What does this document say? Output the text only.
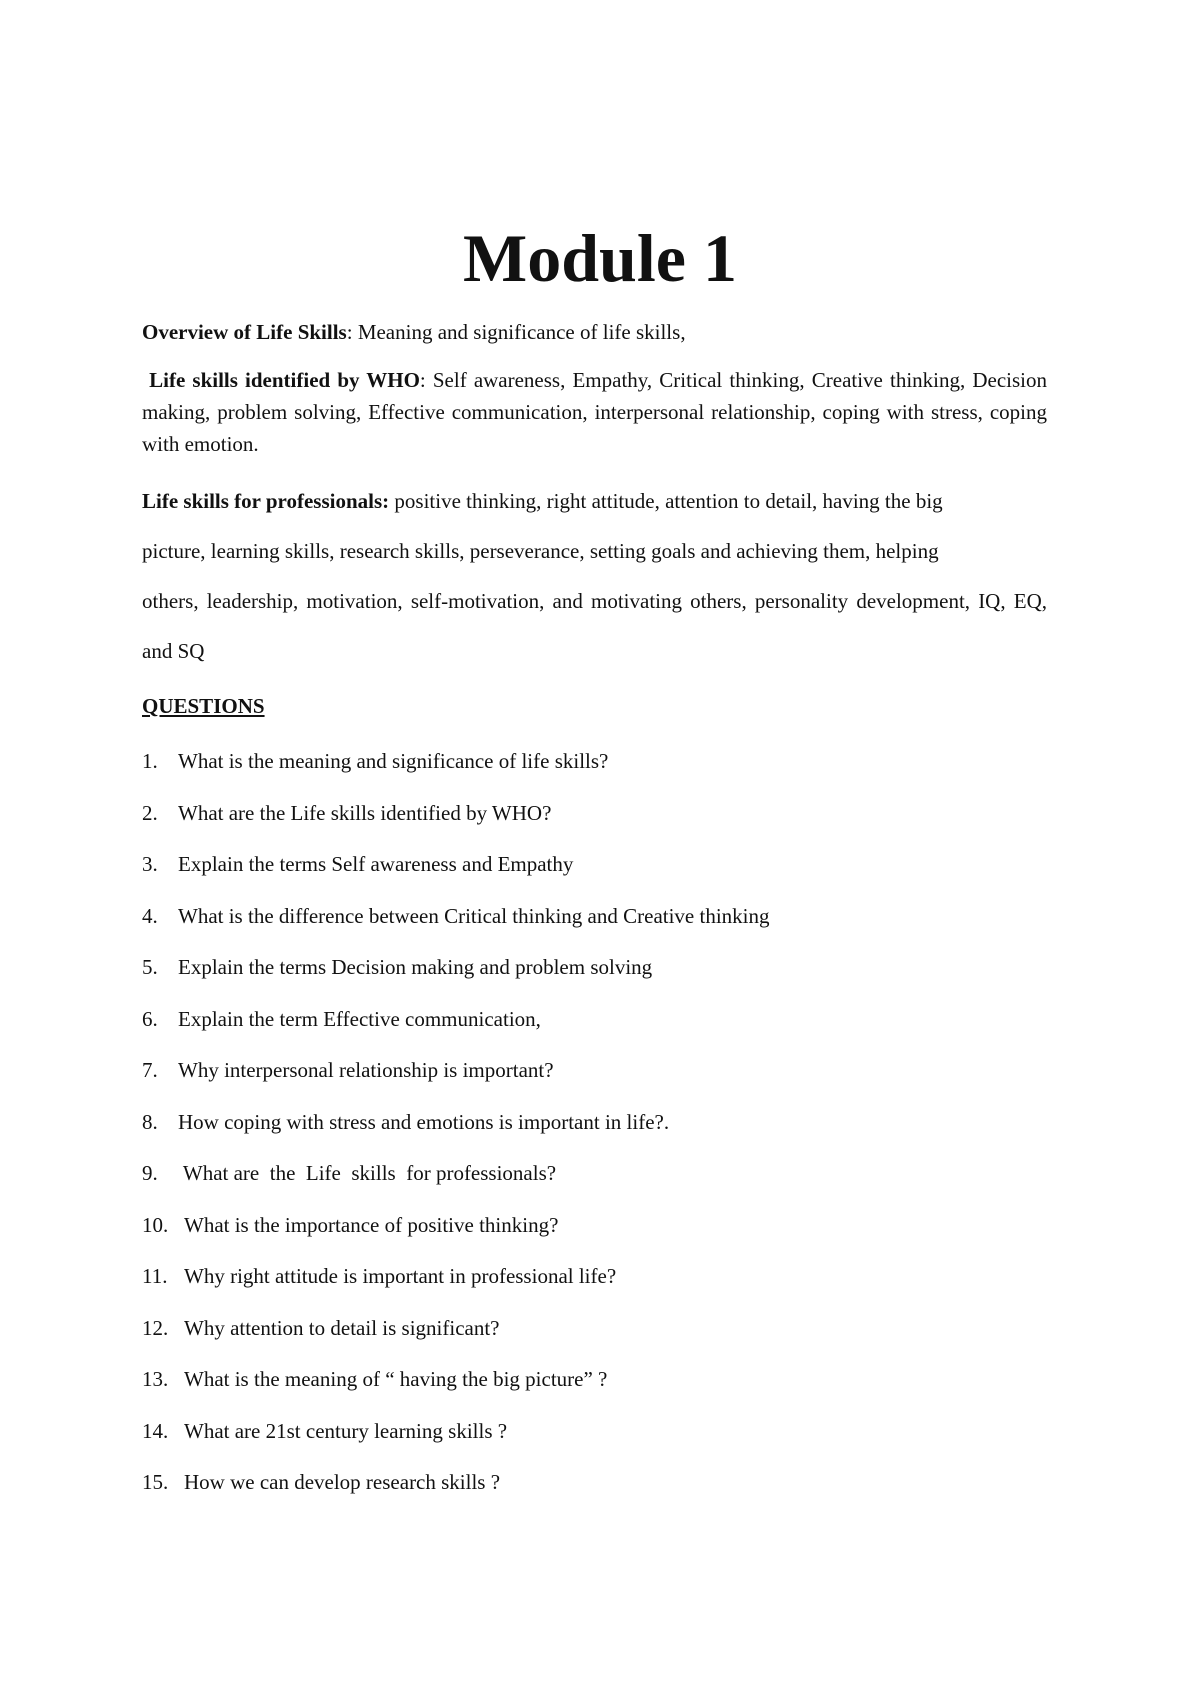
Module 1

Overview of Life Skills: Meaning and significance of life skills,

Life skills identified by WHO: Self awareness, Empathy, Critical thinking, Creative thinking, Decision making, problem solving, Effective communication, interpersonal relationship, coping with stress, coping with emotion.

Life skills for professionals: positive thinking, right attitude, attention to detail, having the big
picture, learning skills, research skills, perseverance, setting goals and achieving them, helping
others, leadership, motivation, self-motivation, and motivating others, personality development, IQ, EQ, and SQ

QUESTIONS
1. What is the meaning and significance of life skills?
2. What are the Life skills identified by WHO?
3. Explain the terms Self awareness and Empathy
4. What is the difference between Critical thinking and Creative thinking
5. Explain the terms Decision making and problem solving
6. Explain the term Effective communication,
7. Why interpersonal relationship is important?
8. How coping with stress and emotions is important in life?.
9. What are  the  Life  skills  for professionals?
10. What is the importance of positive thinking?
11. Why right attitude is important in professional life?
12. Why attention to detail is significant?
13. What is the meaning of “ having the big picture” ?
14. What are 21st century learning skills ?
15. How we can develop research skills ?
